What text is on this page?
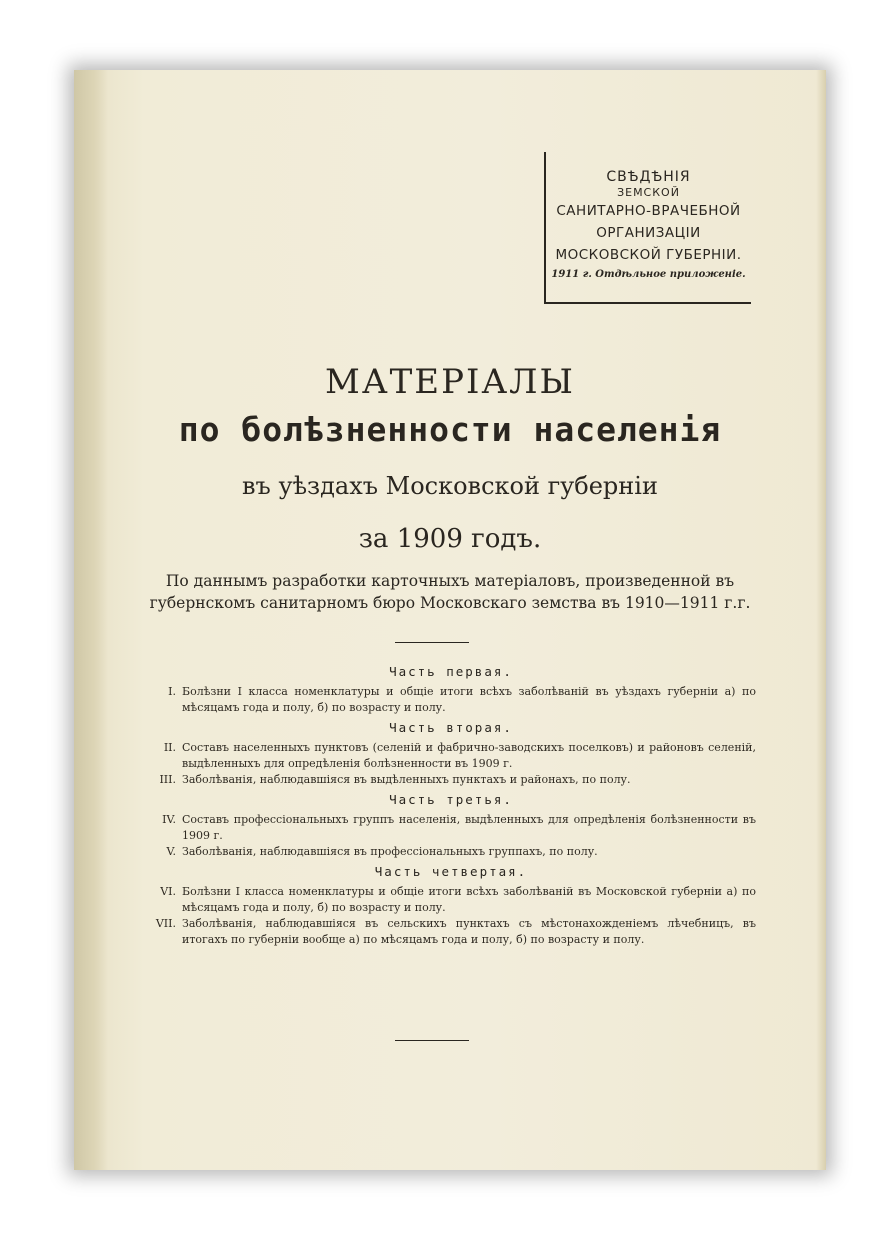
СВѢДѢНІЯ
ЗЕМСКОЙ
САНИТАРНО-ВРАЧЕБНОЙ
ОРГАНИЗАЦІИ
МОСКОВСКОЙ ГУБЕРНІИ.
1911 г. Отдѣльное приложеніе.
МАТЕРІАЛЫ
по болѣзненности населенія
въ уѣздахъ Московской губерніи
за 1909 годъ.
По даннымъ разработки карточныхъ матеріаловъ, произведенной въ
губернскомъ санитарномъ бюро Московскаго земства въ 1910—1911 г.г.
Часть первая.
I. Болѣзни I класса номенклатуры и общіе итоги всѣхъ заболѣваній въ уѣздахъ губерніи а) по мѣсяцамъ года и полу, б) по возрасту и полу.
Часть вторая.
II. Составъ населенныхъ пунктовъ (селеній и фабрично-заводскихъ поселковъ) и районовъ селеній, выдѣленныхъ для опредѣленія болѣзненности въ 1909 г.
III. Заболѣванія, наблюдавшіяся въ выдѣленныхъ пунктахъ и районахъ, по полу.
Часть третья.
IV. Составъ профессіональныхъ группъ населенія, выдѣленныхъ для опредѣленія болѣзненности въ 1909 г.
V. Заболѣванія, наблюдавшіяся въ профессіональныхъ группахъ, по полу.
Часть четвертая.
VI. Болѣзни I класса номенклатуры и общіе итоги всѣхъ заболѣваній въ Московской губерніи а) по мѣсяцамъ года и полу, б) по возрасту и полу.
VII. Заболѣванія, наблюдавшіяся въ сельскихъ пунктахъ съ мѣстонахожденіемъ лѣчебницъ, въ итогахъ по губерніи вообще а) по мѣсяцамъ года и полу, б) по возрасту и полу.
